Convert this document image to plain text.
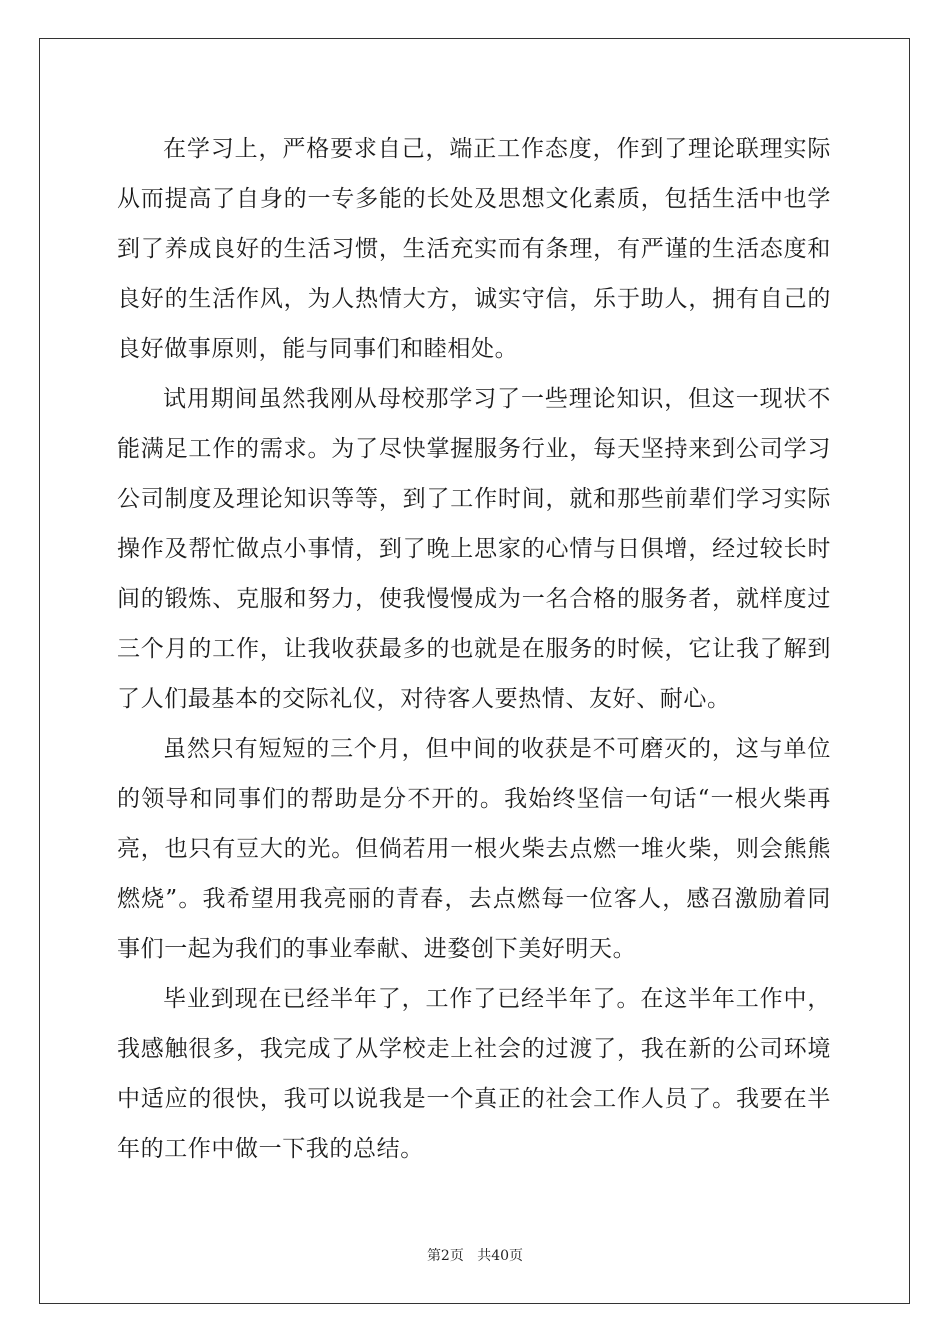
在学习上，严格要求自己，端正工作态度，作到了理论联理实际从而提高了自身的一专多能的长处及思想文化素质，包括生活中也学到了养成良好的生活习惯，生活充实而有条理，有严谨的生活态度和良好的生活作风，为人热情大方，诚实守信，乐于助人，拥有自己的良好做事原则，能与同事们和睦相处。

试用期间虽然我刚从母校那学习了一些理论知识，但这一现状不能满足工作的需求。为了尽快掌握服务行业，每天坚持来到公司学习公司制度及理论知识等等，到了工作时间，就和那些前辈们学习实际操作及帮忙做点小事情，到了晚上思家的心情与日俱增，经过较长时间的锻炼、克服和努力，使我慢慢成为一名合格的服务者，就样度过三个月的工作，让我收获最多的也就是在服务的时候，它让我了解到了人们最基本的交际礼仪，对待客人要热情、友好、耐心。

虽然只有短短的三个月，但中间的收获是不可磨灭的，这与单位的领导和同事们的帮助是分不开的。我始终坚信一句话“一根火柴再亮，也只有豆大的光。但倘若用一根火柴去点燃一堆火柴，则会熊熊燃烧”。我希望用我亮丽的青春，去点燃每一位客人，感召激励着同事们一起为我们的事业奉献、进婺创下美好明天。

毕业到现在已经半年了，工作了已经半年了。在这半年工作中，我感触很多，我完成了从学校走上社会的过渡了，我在新的公司环境中适应的很快，我可以说我是一个真正的社会工作人员了。我要在半年的工作中做一下我的总结。

第2页 共40页
